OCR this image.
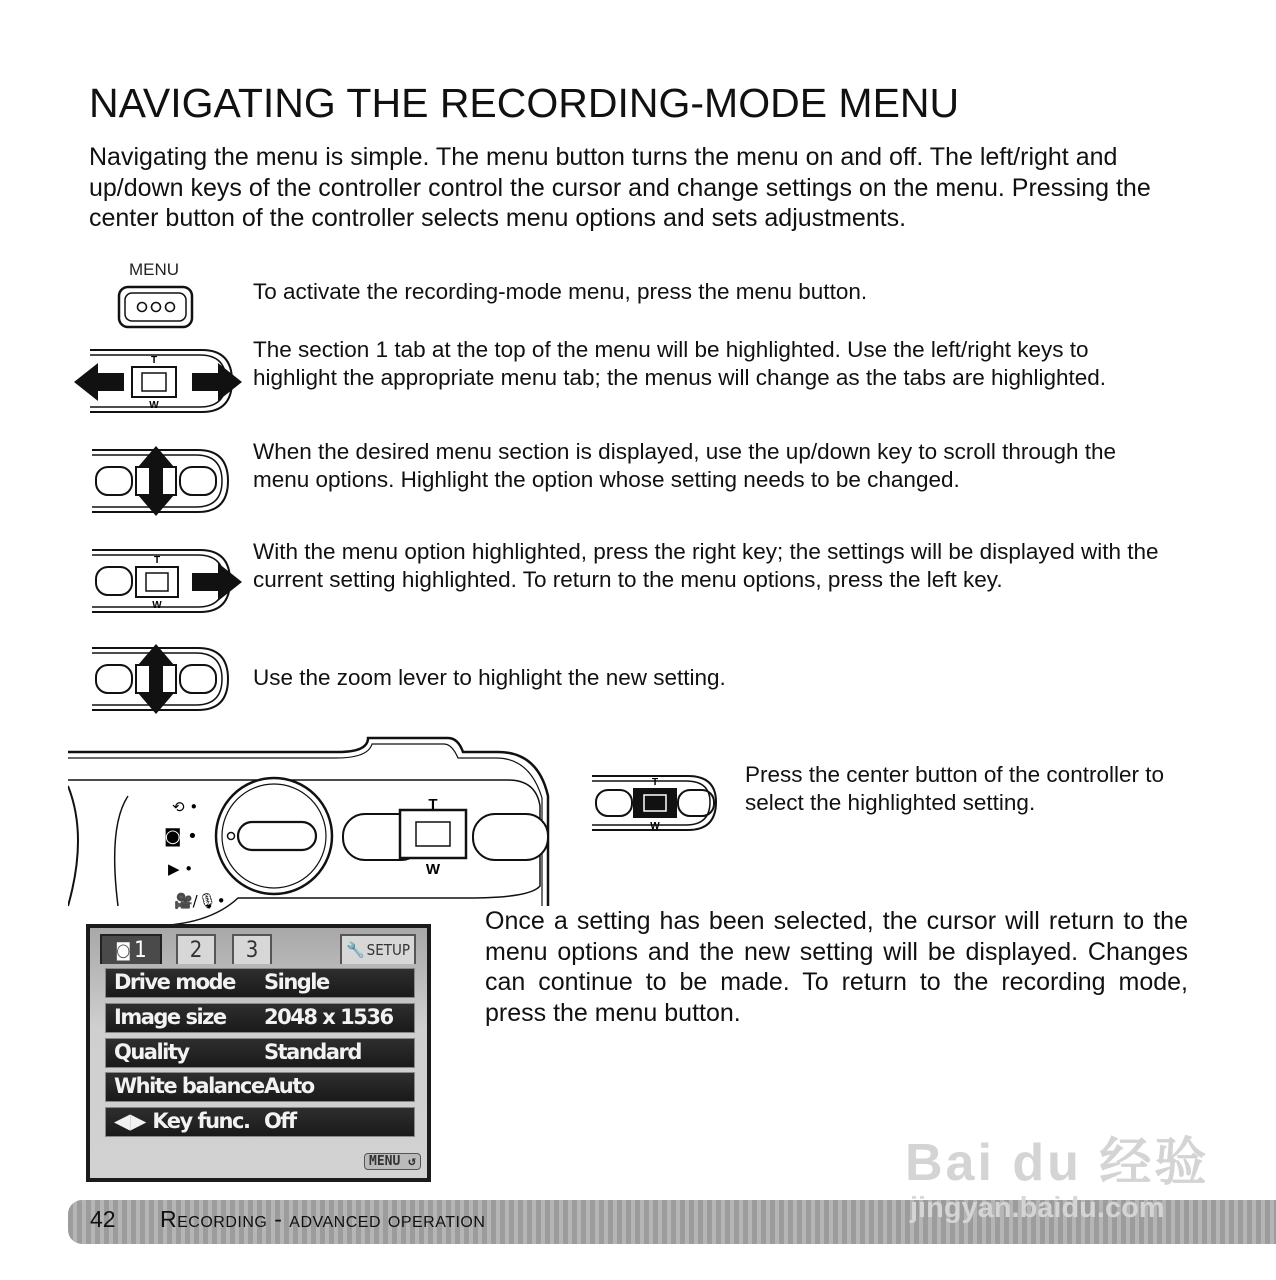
NAVIGATING THE RECORDING-MODE MENU

Navigating the menu is simple. The menu button turns the menu on and off. The left/right and up/down keys of the controller control the cursor and change settings on the menu. Pressing the center button of the controller selects menu options and sets adjustments.

MENU

To activate the recording-mode menu, press the menu button.

T
W

The section 1 tab at the top of the menu will be highlighted. Use the left/right keys to highlight the appropriate menu tab; the menus will change as the tabs are highlighted.

When the desired menu section is displayed, use the up/down key to scroll through the menu options. Highlight the option whose setting needs to be changed.

T
W

With the menu option highlighted, press the right key; the settings will be displayed with the current setting highlighted. To return to the menu options, press the left key.

Use the zoom lever to highlight the new setting.

⟲ •
◙ •
▶ •
🎥/🎙•
T
W
T
W

Press the center button of the controller to select the highlighted setting.

Once a setting has been selected, the cursor will return to the menu options and the new setting will be displayed. Changes can continue to be made. To return to the recording mode, press the menu button.

◙ 1	2	3	🔧 SETUP
Drive mode Single
Image size 2048 x 1536
Quality	Standard
White balance Auto
◀▶ Key func. Off
MENU ↺
42 Recording - advanced operation
Bai du 经验
jingyan.baidu.com
